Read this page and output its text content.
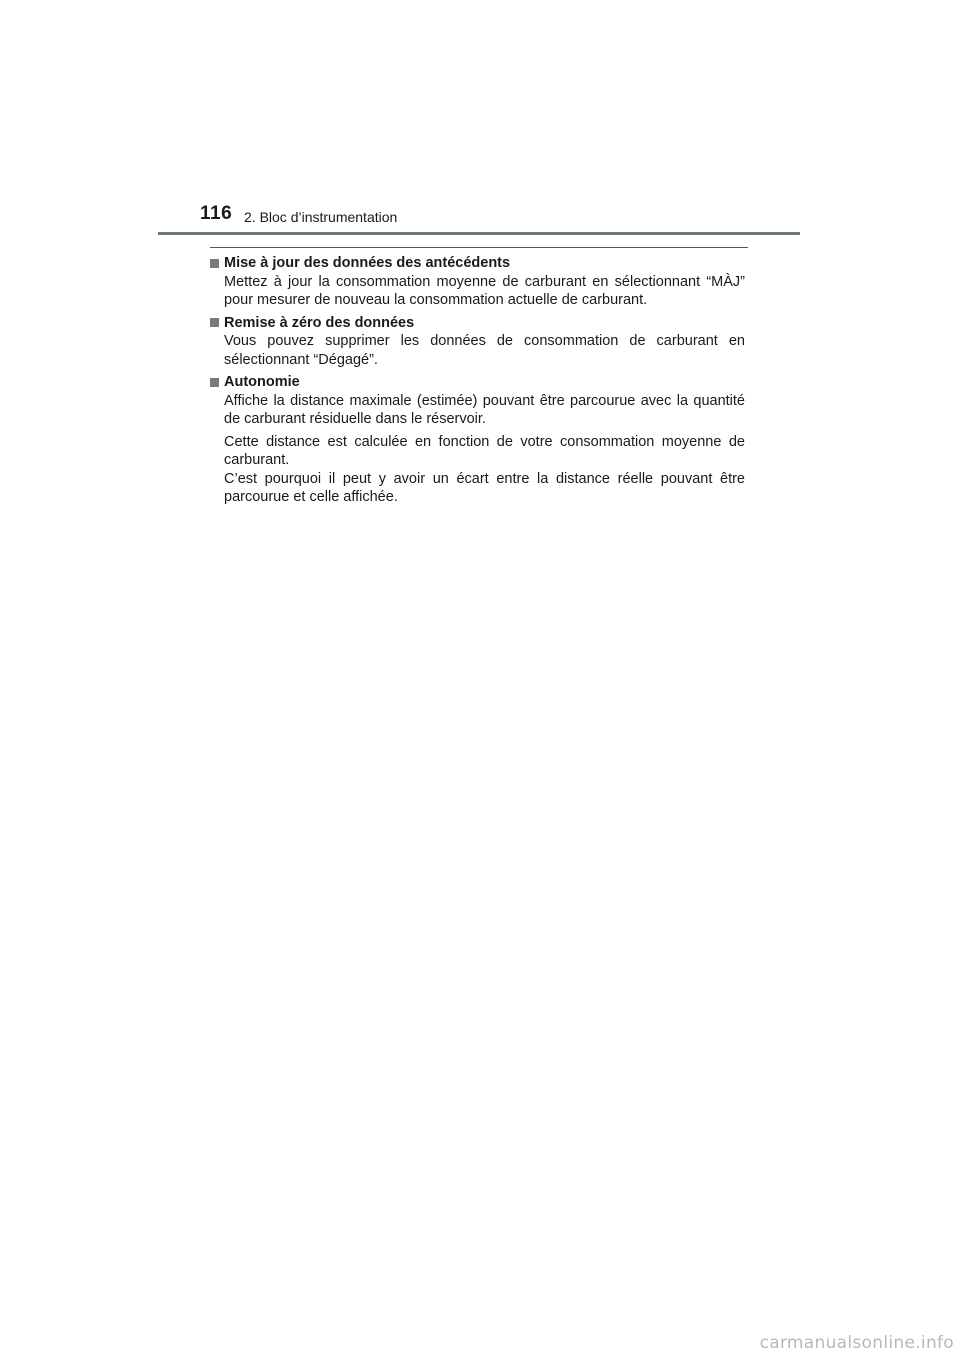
116 2. Bloc d’instrumentation
Mise à jour des données des antécédents

Mettez à jour la consommation moyenne de carburant en sélectionnant “MÀJ” pour mesurer de nouveau la consommation actuelle de carburant.

Remise à zéro des données

Vous pouvez supprimer les données de consommation de carburant en sélectionnant “Dégagé”.

Autonomie

Affiche la distance maximale (estimée) pouvant être parcourue avec la quantité de carburant résiduelle dans le réservoir.

Cette distance est calculée en fonction de votre consommation moyenne de carburant.

C’est pourquoi il peut y avoir un écart entre la distance réelle pouvant être parcourue et celle affichée.

carmanualsonline.info
